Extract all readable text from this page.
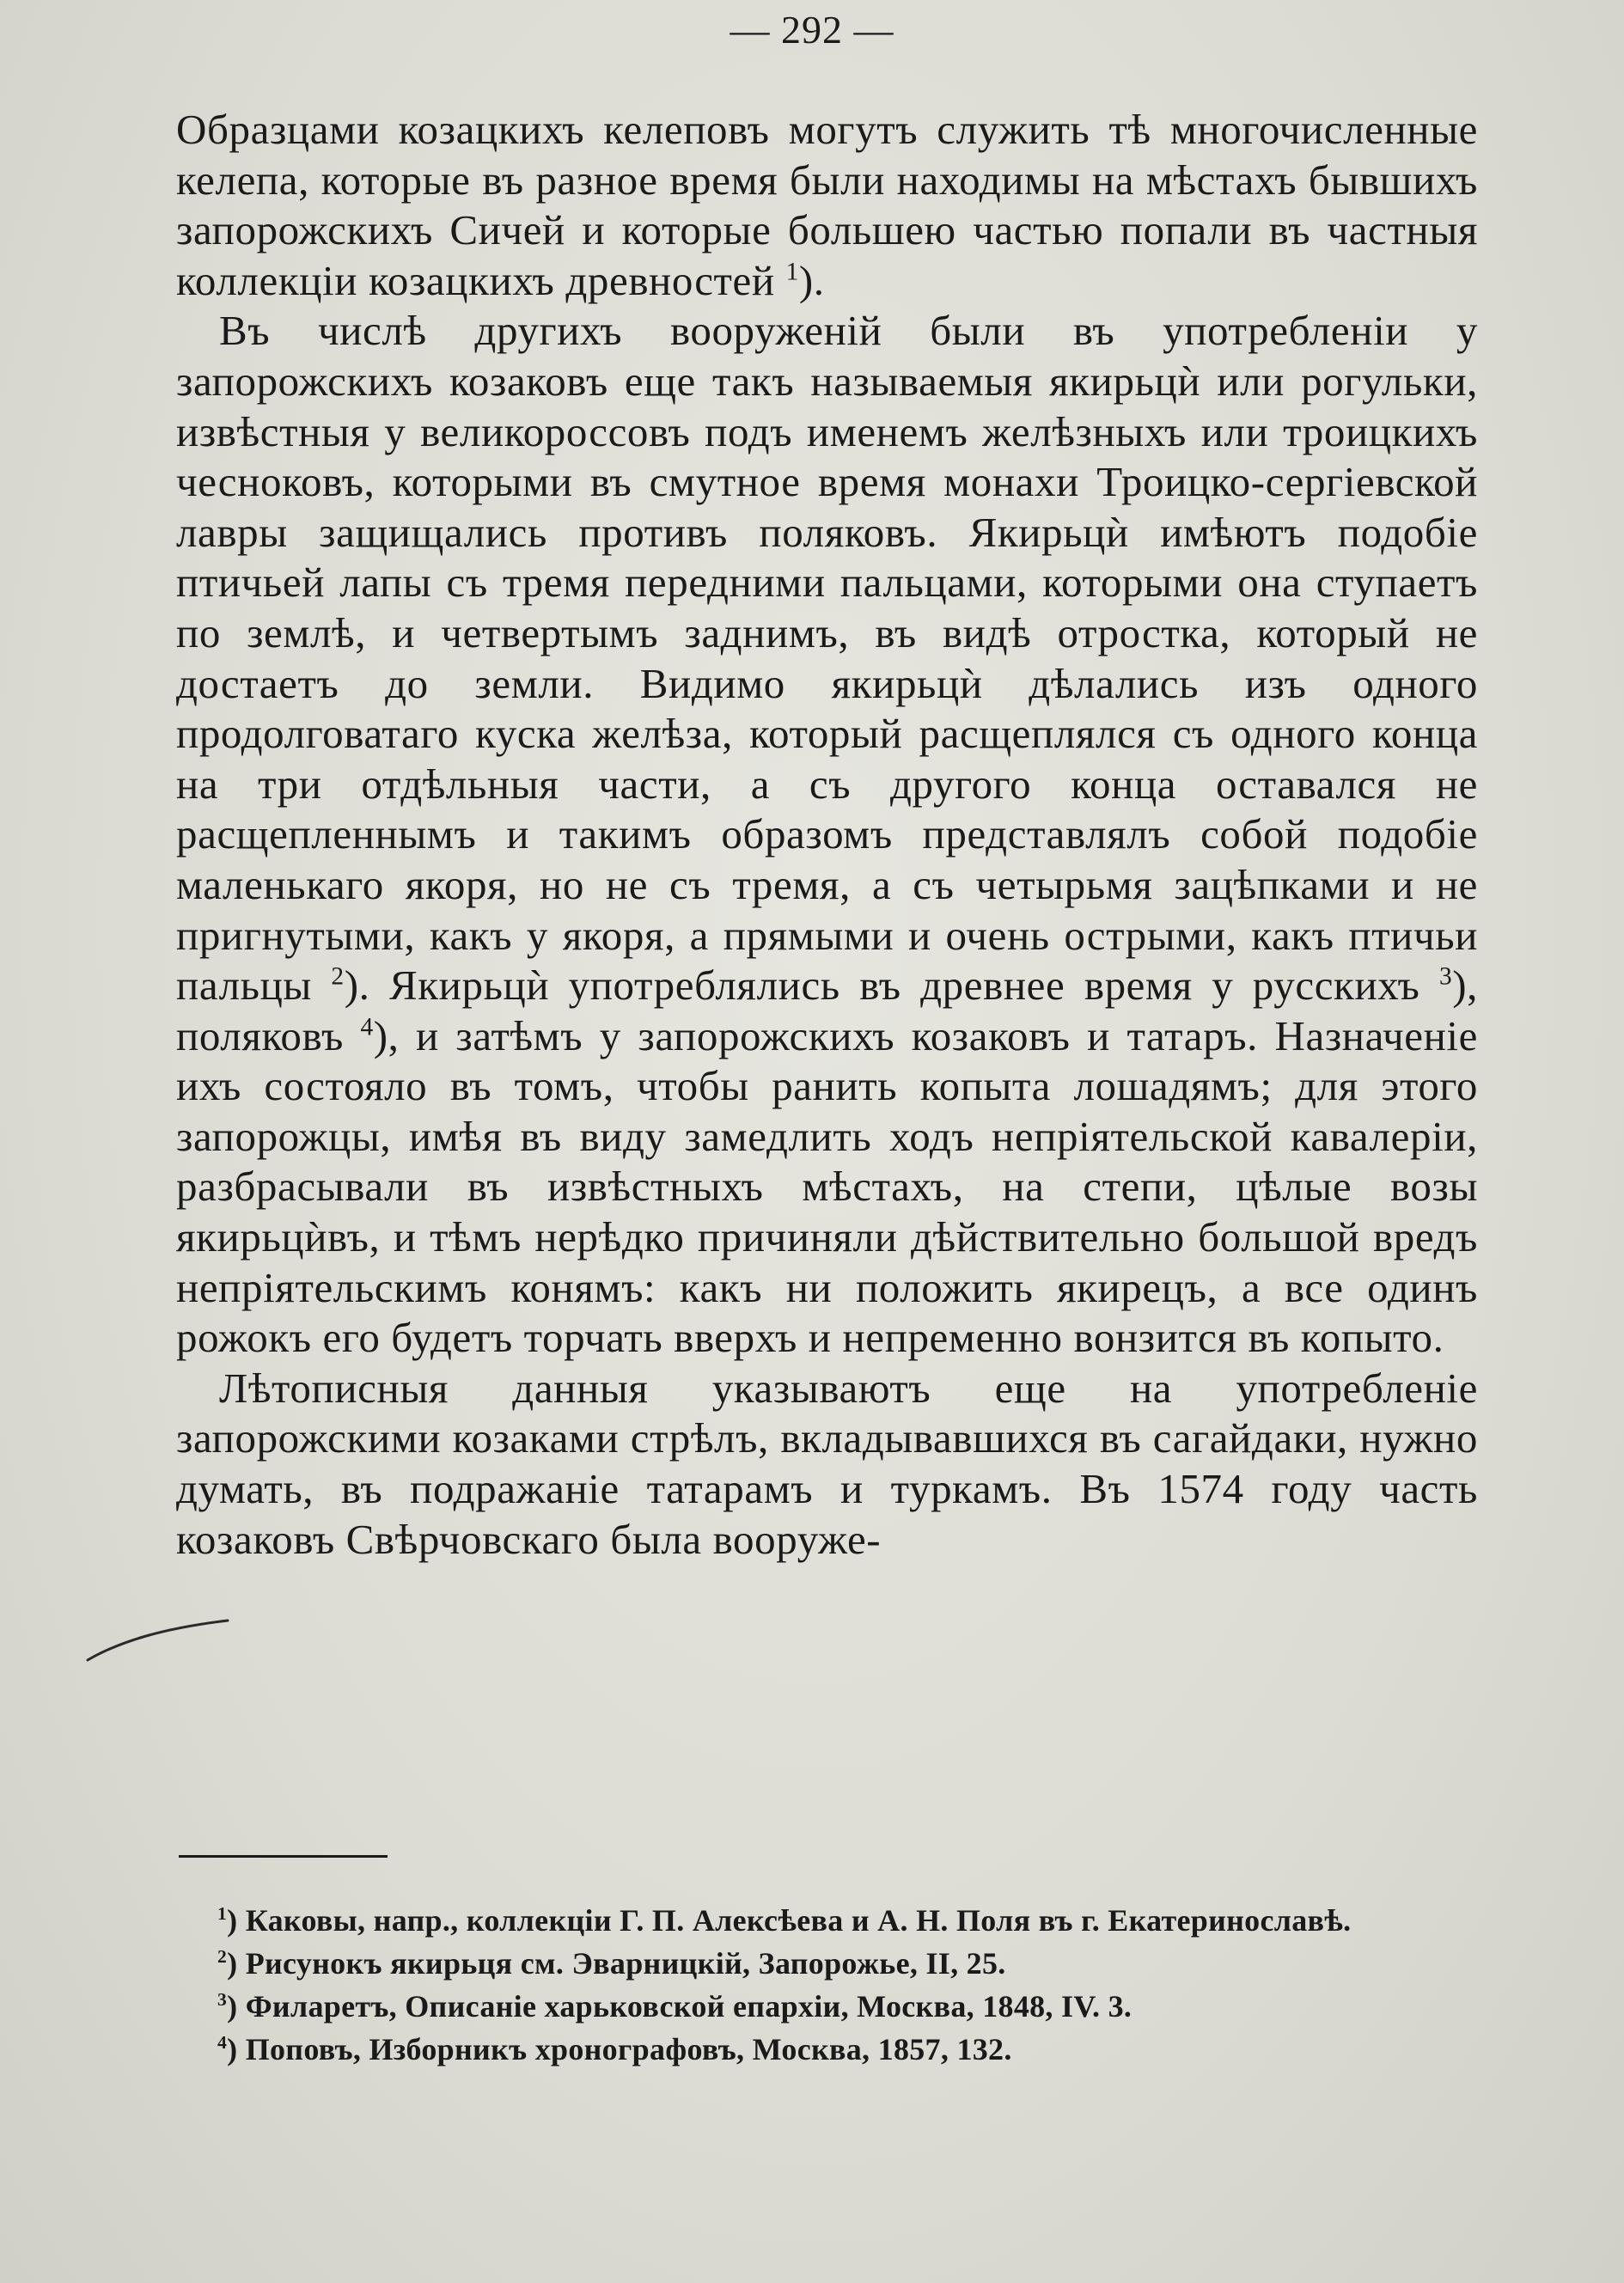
— 292 —

Образцами козацкихъ келеповъ могутъ служить тѣ многочисленные келепа, которые въ разное время были находимы на мѣстахъ бывшихъ запорожскихъ Сичей и которые большею частью попали въ частныя коллекціи козацкихъ древностей $^1$).

Въ числѣ другихъ вооруженій были въ употребленіи у запорожскихъ козаковъ еще такъ называемыя якирьцѝ или рогульки, извѣстныя у великороссовъ подъ именемъ желѣзныхъ или троицкихъ чесноковъ, которыми въ смутное время монахи Троицко-сергіевской лавры защищались противъ поляковъ. Якирьцѝ имѣютъ подобіе птичьей лапы съ тремя передними пальцами, которыми она ступаетъ по землѣ, и четвертымъ заднимъ, въ видѣ отростка, который не достаетъ до земли. Видимо якирьцѝ дѣлались изъ одного продолговатаго куска желѣза, который расщеплялся съ одного конца на три отдѣльныя части, а съ другого конца оставался не расщепленнымъ и такимъ образомъ представлялъ собой подобіе маленькаго якоря, но не съ тремя, а съ четырьмя зацѣпками и не пригнутыми, какъ у якоря, а прямыми и очень острыми, какъ птичьи пальцы $^2$). Якирьцѝ употреблялись въ древнее время у русскихъ $^3$), поляковъ $^4$), и затѣмъ у запорожскихъ козаковъ и татаръ. Назначеніе ихъ состояло въ томъ, чтобы ранить копыта лошадямъ; для этого запорожцы, имѣя въ виду замедлить ходъ непріятельской кавалеріи, разбрасывали въ извѣстныхъ мѣстахъ, на степи, цѣлые возы якирьцѝвъ, и тѣмъ нерѣдко причиняли дѣйствительно большой вредъ непріятельскимъ конямъ: какъ ни положить якирецъ, а все одинъ рожокъ его будетъ торчать вверхъ и непременно вонзится въ копыто.

Лѣтописныя данныя указываютъ еще на употребленіе запорожскими козаками стрѣлъ, вкладывавшихся въ сагайдаки, нужно думать, въ подражаніе татарамъ и туркамъ. Въ 1574 году часть козаковъ Свѣрчовскаго была вооруже-

$^1$) Каковы, напр., коллекціи Г. П. Алексѣева и А. Н. Поля въ г. Екатеринославѣ.

$^2$) Рисунокъ якирьця см. Эварницкій, Запорожье, II, 25.

$^3$) Филаретъ, Описаніе харьковской епархіи, Москва, 1848, IV. 3.

$^4$) Поповъ, Изборникъ хронографовъ, Москва, 1857, 132.
